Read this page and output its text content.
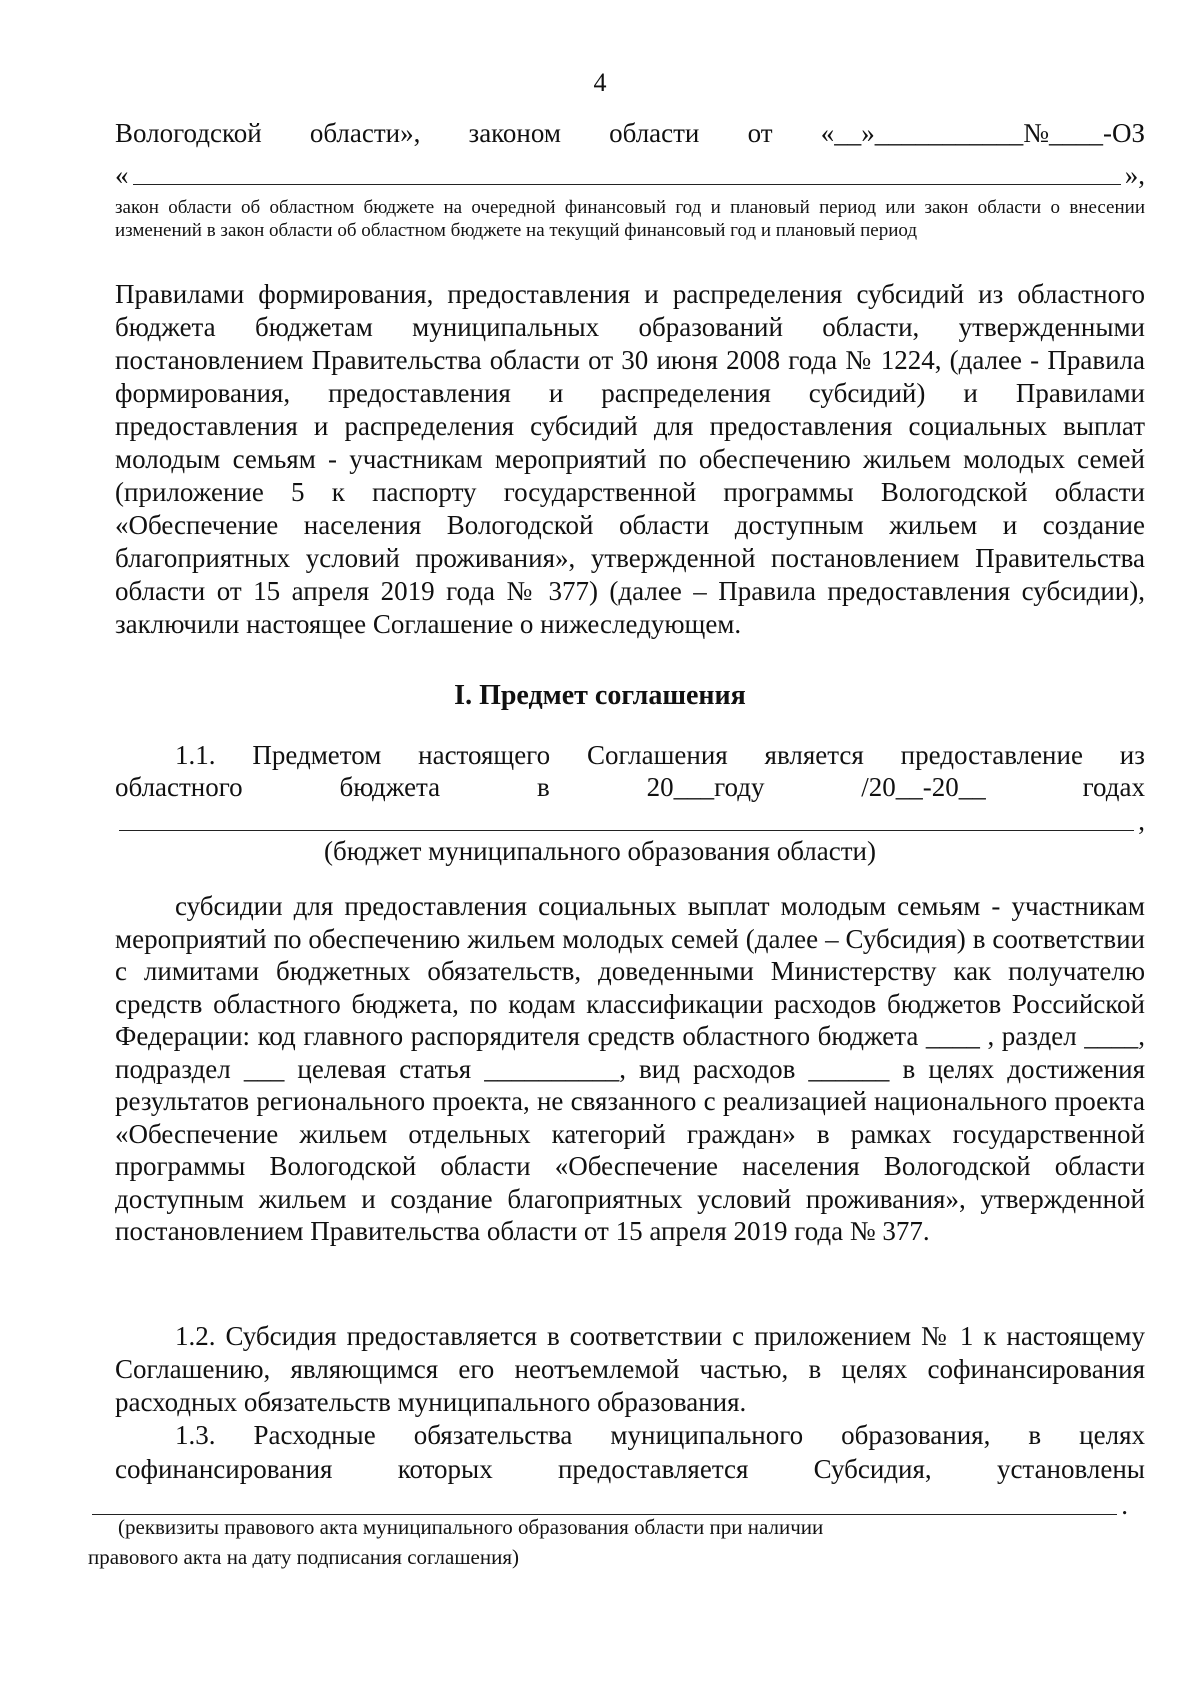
4
Вологодской области», законом области от «__»___________№____-ОЗ
«	»,
закон области об областном бюджете на очередной финансовый год и плановый период или закон области о внесении изменений в закон области об областном бюджете на текущий финансовый год и плановый период
Правилами формирования, предоставления и распределения субсидий из областного бюджета бюджетам муниципальных образований области, утвержденными постановлением Правительства области от 30 июня 2008 года № 1224, (далее - Правила формирования, предоставления и распределения субсидий) и Правилами предоставления и распределения субсидий для предоставления социальных выплат молодым семьям - участникам мероприятий по обеспечению жильем молодых семей (приложение 5 к паспорту государственной программы Вологодской области «Обеспечение населения Вологодской области доступным жильем и создание благоприятных условий проживания», утвержденной постановлением Правительства области от 15 апреля 2019 года № 377) (далее – Правила предоставления субсидии), заключили настоящее Соглашение о нижеследующем.
I. Предмет соглашения
1.1. Предметом настоящего Соглашения является предоставление из
областного	бюджета	в	20___году	/20__-20__	годах
,
(бюджет муниципального образования области)

субсидии для предоставления социальных выплат молодым семьям - участникам мероприятий по обеспечению жильем молодых семей (далее – Субсидия) в соответствии с лимитами бюджетных обязательств, доведенными Министерству как получателю средств областного бюджета, по кодам классификации расходов бюджетов Российской Федерации: код главного распорядителя средств областного бюджета ____ , раздел ____, подраздел ___ целевая статья __________, вид расходов ______ в целях достижения результатов регионального проекта, не связанного с реализацией национального проекта «Обеспечение жильем отдельных категорий граждан» в рамках государственной программы Вологодской области «Обеспечение населения Вологодской области доступным жильем и создание благоприятных условий проживания», утвержденной постановлением Правительства области от 15 апреля 2019 года № 377.

1.2. Субсидия предоставляется в соответствии с приложением № 1 к настоящему Соглашению, являющимся его неотъемлемой частью, в целях софинансирования расходных обязательств муниципального образования.

1.3. Расходные обязательства муниципального образования, в целях
софинансирования которых предоставляется Субсидия, установлены
.
(реквизиты правового акта муниципального образования области при наличии
правового акта на дату подписания соглашения)
